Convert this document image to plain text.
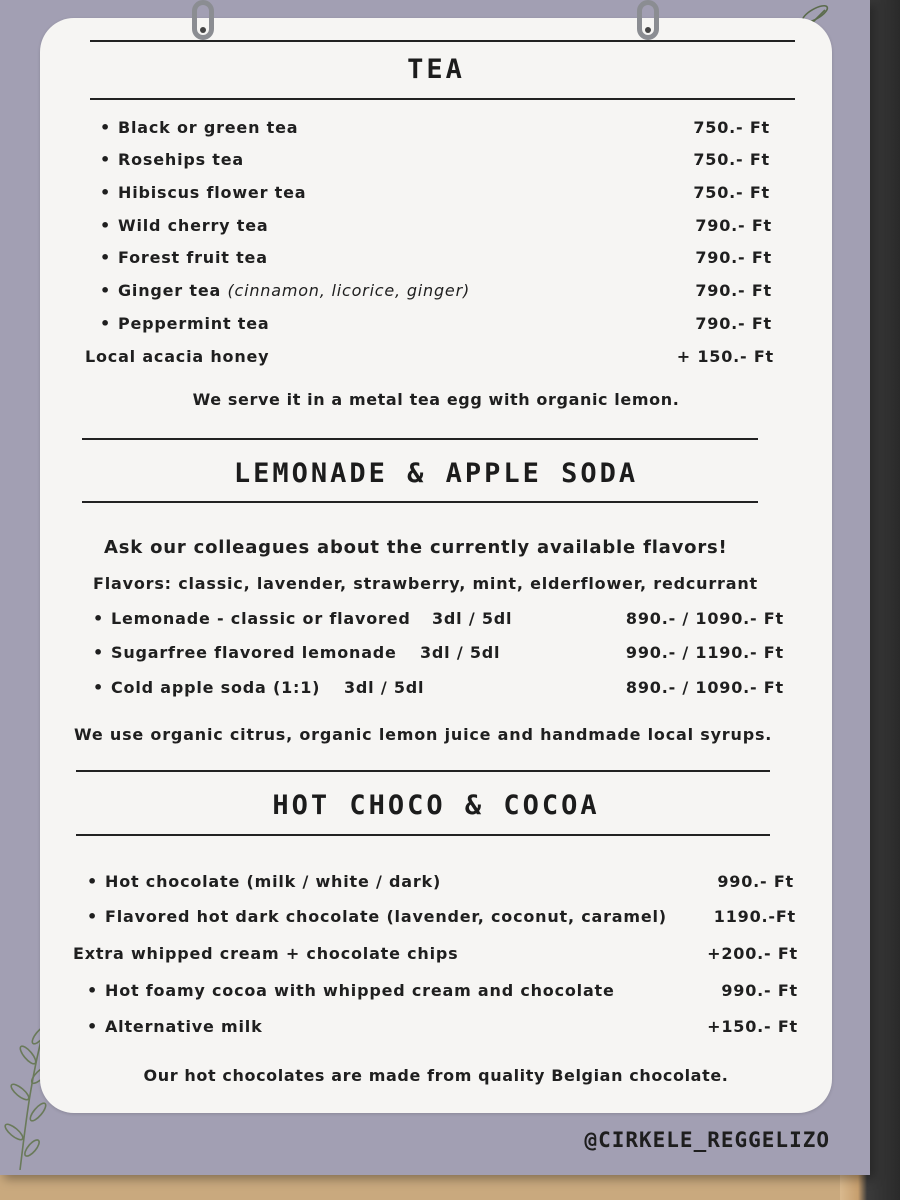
TEA
• Black or green tea	750.- Ft
• Rosehips tea	750.- Ft
• Hibiscus flower tea	750.- Ft
• Wild cherry tea	790.- Ft
• Forest fruit tea	790.- Ft
• Ginger tea (cinnamon, licorice, ginger)	790.- Ft
• Peppermint tea	790.- Ft
Local acacia honey	+ 150.- Ft
We serve it in a metal tea egg with organic lemon.
LEMONADE & APPLE SODA
Ask our colleagues about the currently available flavors!
Flavors: classic, lavender, strawberry, mint, elderflower, redcurrant
• Lemonade - classic or flavored 3dl / 5dl	890.- / 1090.- Ft
• Sugarfree flavored lemonade 3dl / 5dl	990.- / 1190.- Ft
• Cold apple soda (1:1) 3dl / 5dl	890.- / 1090.- Ft
We use organic citrus, organic lemon juice and handmade local syrups.
HOT CHOCO & COCOA
• Hot chocolate (milk / white / dark)	990.- Ft
• Flavored hot dark chocolate (lavender, coconut, caramel)	1190.-Ft
Extra whipped cream + chocolate chips	+200.- Ft
• Hot foamy cocoa with whipped cream and chocolate	990.- Ft
• Alternative milk	+150.- Ft
Our hot chocolates are made from quality Belgian chocolate.
@CIRKELE_REGGELIZO
